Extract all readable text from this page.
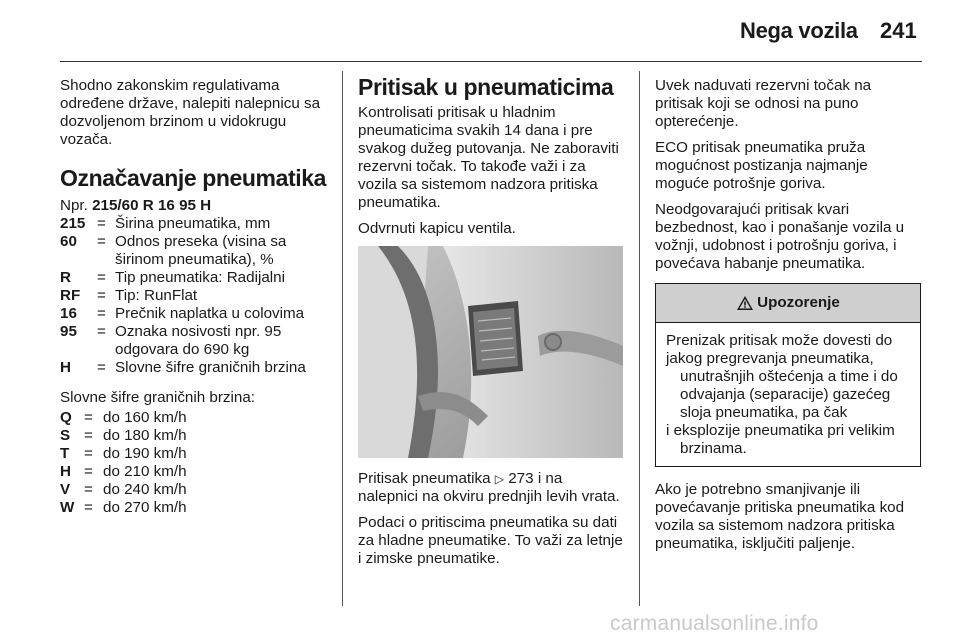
Nega vozila 241

Shodno zakonskim regulativama određene države, nalepiti nalepnicu sa dozvoljenom brzinom u vidokrugu vozača.

Označavanje pneumatika

Npr. 215/60 R 16 95 H

215 = Širina pneumatika, mm
60	= Odnos preseka (visina sa širinom pneumatika), %
R	= Tip pneumatika: Radijalni
RF	= Tip: RunFlat
16	= Prečnik naplatka u colovima
95	= Oznaka nosivosti npr. 95 odgovara do 690 kg
H	= Slovne šifre graničnih brzina

Slovne šifre graničnih brzina:

Q = do 160 km/h
S = do 180 km/h
T = do 190 km/h
H = do 210 km/h
V = do 240 km/h
W = do 270 km/h
Pritisak u pneumaticima

Kontrolisati pritisak u hladnim pneumaticima svakih 14 dana i pre svakog dužeg putovanja. Ne zaboraviti rezervni točak. To takođe važi i za vozila sa sistemom nadzora pritiska pneumatika.

Odvrnuti kapicu ventila.

Pritisak pneumatika ▷ 273 i na nalepnici na okviru prednjih levih vrata.

Podaci o pritiscima pneumatika su dati za hladne pneumatike. To važi za letnje i zimske pneumatike.

Uvek naduvati rezervni točak na pritisak koji se odnosi na puno opterećenje.

ECO pritisak pneumatika pruža mogućnost postizanja najmanje moguće potrošnje goriva.

Neodgovarajući pritisak kvari bezbednost, kao i ponašanje vozila u vožnji, udobnost i potrošnju goriva, i povećava habanje pneumatika.

Upozorenje
Prenizak pritisak može dovesti do
jakog pregrevanja pneumatika,
unutrašnjih oštećenja a time i do
odvajanja (separacije) gazećeg
sloja pneumatika, pa čak
i eksplozije pneumatika pri velikim
brzinama.

Ako je potrebno smanjivanje ili povećavanje pritiska pneumatika kod vozila sa sistemom nadzora pritiska pneumatika, isključiti paljenje.

carmanualsonline.info
